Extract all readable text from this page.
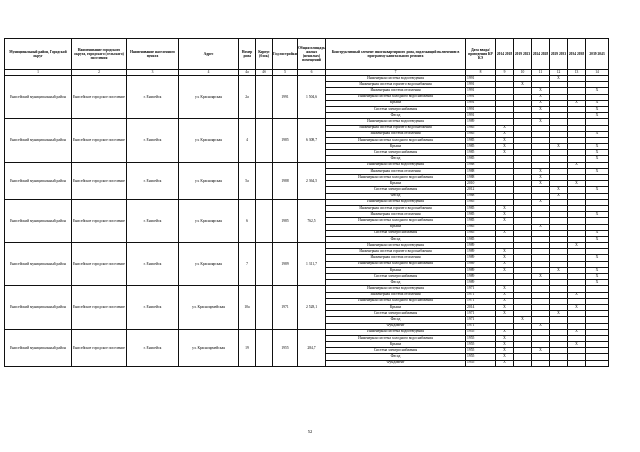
Муниципальный район, Городской округ	Наименование городского округа, городского (сельского) поселения	Наименование населенного пункта	Адрес	Номер дома	Корпус (блок)	Год постройки	Общая площадь жилых (нежилых) помещений	Конструктивный элемент многоквартирного дома, подлежащий включению в программу капитального ремонта	Дата ввода/ проведения КР КЭ	2014 2018	2019 2023	2024 2028	2029 2033	2034 2038	2039 2043
1	2	3	4	4а	4б	5	6	7	8	9	10	11	12	13	14
Енисейский муниципальный район	Енисейское городское поселение	г. Енисейск	ул. Красноярская	2а		1991	1 504,6	Инженерная система водоотведения	1991				X		
								Инженерная система горячего водоснабжения	1991		X				
								Инженерная система отопления	1991			X			X
								Инженерная система холодного водоснабжения	1991			X			
								Крыша	1991			X		X	X
								Система электроснабжения	1991			X			X
								Фасад	1991						X
Енисейский муниципальный район	Енисейское городское поселение	г. Енисейск	ул. Красноярская	4		1985	6 308,7	Инженерная система водоотведения	1989			X			
								Инженерная система горячего водоснабжения	1985	X					
								Инженерная система отопления	1985	X					X
								Инженерная система холодного водоснабжения	1985	X					
								Крыша	1985	X			X		X
								Система электроснабжения	1985	X					X
								Фасад	1985						X
Енисейский муниципальный район	Енисейское городское поселение	г. Енисейск	ул. Красноярская	5а		1988	2 364,5	Инженерная система водоотведения	1988					X	
								Инженерная система отопления	1988			X			X
								Инженерная система холодного водоснабжения	1988			X			
								Крыша	2010			X		X	
								Система электроснабжения	2012				X		X
								Фасад	1988				X		
Енисейский муниципальный район	Енисейское городское поселение	г. Енисейск	ул. Красноярская	6		1985	762,5	Инженерная система водоотведения	1985			X			
								Инженерная система горячего водоснабжения	1985	X					
								Инженерная система отопления	1985	X					X
								Инженерная система холодного водоснабжения	1985	X					
								Крыша	1985			X			
								Система электроснабжения	1985	X					X
								Фасад	1985						X
Енисейский муниципальный район	Енисейское городское поселение	г. Енисейск	ул. Красноярская	7		1989	1 311,7	Инженерная система водоотведения	1989					X	
								Инженерная система горячего водоснабжения	1989	X					
								Инженерная система отопления	1989	X					X
								Инженерная система холодного водоснабжения	1989	X					
								Крыша	1989	X			X		X
								Система электроснабжения	1989			X			X
								Фасад	1989						X
Енисейский муниципальный район	Енисейское городское поселение	г. Енисейск	ул. Красноармейская	10а		1971	2 528,1	Инженерная система водоотведения	1971	X					
								Инженерная система отопления	1971	X				X	
								Инженерная система холодного водоснабжения	1971	X					
								Крыша	2014	X				X	
								Система электроснабжения	1971	X			X		
								Фасад	1971		X				
								Фундамент	1971			X			
Енисейский муниципальный район	Енисейское городское поселение	г. Енисейск	ул. Красноармейская	19		1955	284,7	Инженерная система водоотведения	1955	X				X	
								Инженерная система холодного водоснабжения	1955	X					
								Крыша	1955	X				X	
								Система электроснабжения	1955	X		X			
								Фасад	1955	X					
								Фундамент	1955	X					
52
